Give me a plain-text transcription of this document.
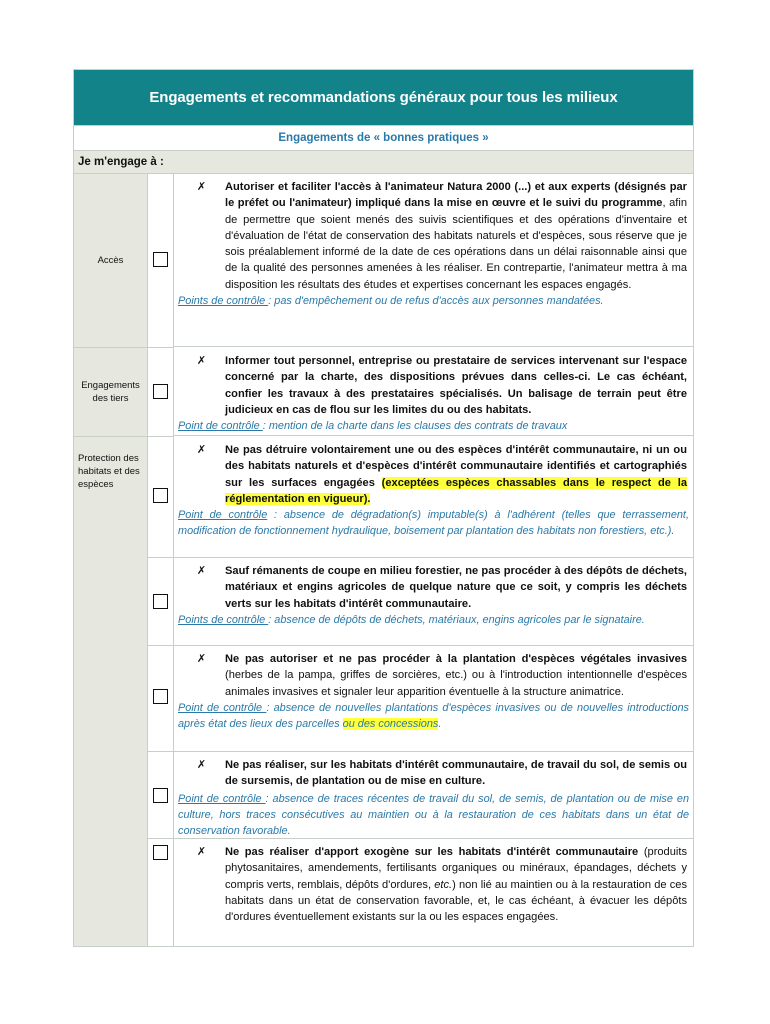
Engagements et recommandations généraux pour tous les milieux
Engagements de « bonnes pratiques »
Je m'engage à :
Accès
✗	Autoriser et faciliter l'accès à l'animateur Natura 2000 (...) et aux experts (désignés par le préfet ou l'animateur) impliqué dans la mise en œuvre et le suivi du programme, afin de permettre que soient menés des suivis scientifiques et des opérations d'inventaire et d'évaluation de l'état de conservation des habitats naturels et d'espèces, sous réserve que je sois préalablement informé de la date de ces opérations dans un délai raisonnable ainsi que de la qualité des personnes amenées à les réaliser. En contrepartie, l'animateur mettra à ma disposition les résultats des études et expertises concernant les espaces engagés.
Points de contrôle : pas d'empêchement ou de refus d'accès aux personnes mandatées.
Engagements des tiers
✗	Informer tout personnel, entreprise ou prestataire de services intervenant sur l'espace concerné par la charte, des dispositions prévues dans celles-ci. Le cas échéant, confier les travaux à des prestataires spécialisés. Un balisage de terrain peut être judicieux en cas de flou sur les limites du ou des habitats.
Point de contrôle : mention de la charte dans les clauses des contrats de travaux
Protection des habitats et des espèces
✗	Ne pas détruire volontairement une ou des espèces d'intérêt communautaire, ni un ou des habitats naturels et d'espèces d'intérêt communautaire identifiés et cartographiés sur les surfaces engagées (exceptées espèces chassables dans le respect de la réglementation en vigueur).
Point de contrôle : absence de dégradation(s) imputable(s) à l'adhérent (telles que terrassement, modification de fonctionnement hydraulique, boisement par plantation des habitats non forestiers, etc.).
✗	Sauf rémanents de coupe en milieu forestier, ne pas procéder à des dépôts de déchets, matériaux et engins agricoles de quelque nature que ce soit, y compris les déchets verts sur les habitats d'intérêt communautaire.
Points de contrôle : absence de dépôts de déchets, matériaux, engins agricoles par le signataire.
✗	Ne pas autoriser et ne pas procéder à la plantation d'espèces végétales invasives (herbes de la pampa, griffes de sorcières, etc.) ou à l'introduction intentionnelle d'espèces animales invasives et signaler leur apparition éventuelle à la structure animatrice.
Point de contrôle : absence de nouvelles plantations d'espèces invasives ou de nouvelles introductions après état des lieux des parcelles ou des concessions.
✗	Ne pas réaliser, sur les habitats d'intérêt communautaire, de travail du sol, de semis ou de sursemis, de plantation ou de mise en culture.
Point de contrôle : absence de traces récentes de travail du sol, de semis, de plantation ou de mise en culture, hors traces consécutives au maintien ou à la restauration de ces habitats dans un état de conservation favorable.
✗	Ne pas réaliser d'apport exogène sur les habitats d'intérêt communautaire (produits phytosanitaires, amendements, fertilisants organiques ou minéraux, épandages, déchets y compris verts, remblais, dépôts d'ordures, etc.) non lié au maintien ou à la restauration de ces habitats dans un état de conservation favorable, et, le cas échéant, à évacuer les dépôts d'ordures éventuellement existants sur la ou les espaces engagées.
